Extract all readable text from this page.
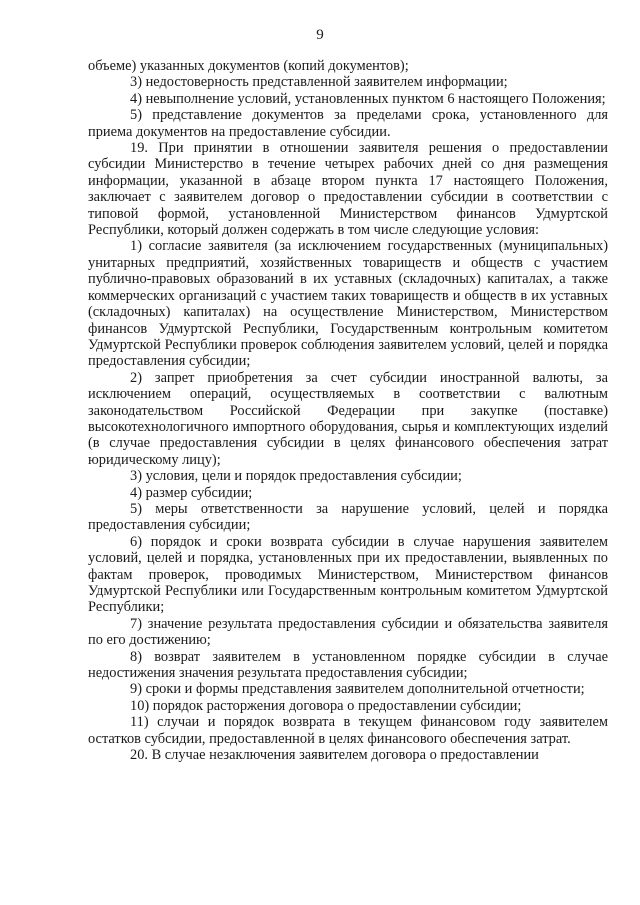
9

объеме) указанных документов (копий документов);

3) недостоверность представленной заявителем информации;

4) невыполнение условий, установленных пунктом 6 настоящего Положения;

5) представление документов за пределами срока, установленного для приема документов на предоставление субсидии.

19. При принятии в отношении заявителя решения о предоставлении субсидии Министерство в течение четырех рабочих дней со дня размещения информации, указанной в абзаце втором пункта 17 настоящего Положения, заключает с заявителем договор о предоставлении субсидии в соответствии с типовой формой, установленной Министерством финансов Удмуртской Республики, который должен содержать в том числе следующие условия:

1) согласие заявителя (за исключением государственных (муниципальных) унитарных предприятий, хозяйственных товариществ и обществ с участием публично-правовых образований в их уставных (складочных) капиталах, а также коммерческих организаций с участием таких товариществ и обществ в их уставных (складочных) капиталах) на осуществление Министерством, Министерством финансов Удмуртской Республики, Государственным контрольным комитетом Удмуртской Республики проверок соблюдения заявителем условий, целей и порядка предоставления субсидии;

2) запрет приобретения за счет субсидии иностранной валюты, за исключением операций, осуществляемых в соответствии с валютным законодательством Российской Федерации при закупке (поставке) высокотехнологичного импортного оборудования, сырья и комплектующих изделий (в случае предоставления субсидии в целях финансового обеспечения затрат юридическому лицу);

3) условия, цели и порядок предоставления субсидии;

4) размер субсидии;

5) меры ответственности за нарушение условий, целей и порядка предоставления субсидии;

6) порядок и сроки возврата субсидии в случае нарушения заявителем условий, целей и порядка, установленных при их предоставлении, выявленных по фактам проверок, проводимых Министерством, Министерством финансов Удмуртской Республики или Государственным контрольным комитетом Удмуртской Республики;

7) значение результата предоставления субсидии и обязательства заявителя по его достижению;

8) возврат заявителем в установленном порядке субсидии в случае недостижения значения результата предоставления субсидии;

9) сроки и формы представления заявителем дополнительной отчетности;

10) порядок расторжения договора о предоставлении субсидии;

11) случаи и порядок возврата в текущем финансовом году заявителем остатков субсидии, предоставленной в целях финансового обеспечения затрат.

20. В случае незаключения заявителем договора о предоставлении
